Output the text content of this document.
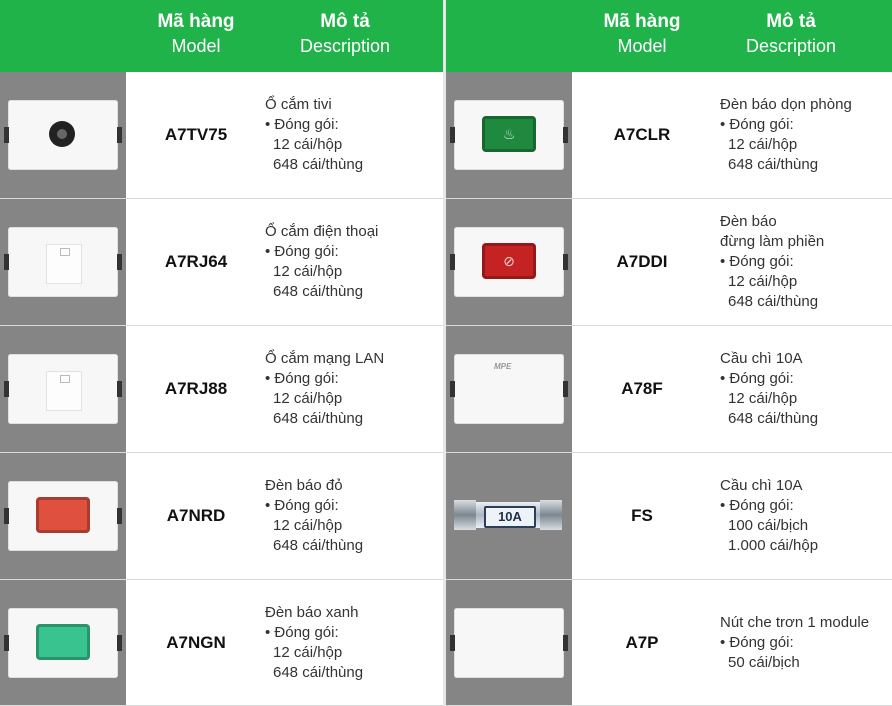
Mã hàng
Model
Mô tả
Description
A7TV75
Ổ cắm tivi
• Đóng gói:
12 cái/hộp
648 cái/thùng
A7RJ64
Ổ cắm điện thoại
• Đóng gói:
12 cái/hộp
648 cái/thùng
A7RJ88
Ổ cắm mạng LAN
• Đóng gói:
12 cái/hộp
648 cái/thùng
A7NRD
Đèn báo đỏ
• Đóng gói:
12 cái/hộp
648 cái/thùng
A7NGN
Đèn báo xanh
• Đóng gói:
12 cái/hộp
648 cái/thùng
Mã hàng
Model
Mô tả
Description
♨	A7CLR
Đèn báo dọn phòng
• Đóng gói:
12 cái/hộp
648 cái/thùng
⊘	A7DDI
Đèn báo
đừng làm phiền
• Đóng gói:
12 cái/hộp
648 cái/thùng
MPE
A78F
Cầu chì 10A
• Đóng gói:
12 cái/hộp
648 cái/thùng
10A	FS
Cầu chì 10A
• Đóng gói:
100 cái/bịch
1.000 cái/hộp
A7P
Nút che trơn 1 module
• Đóng gói:
50 cái/bịch
